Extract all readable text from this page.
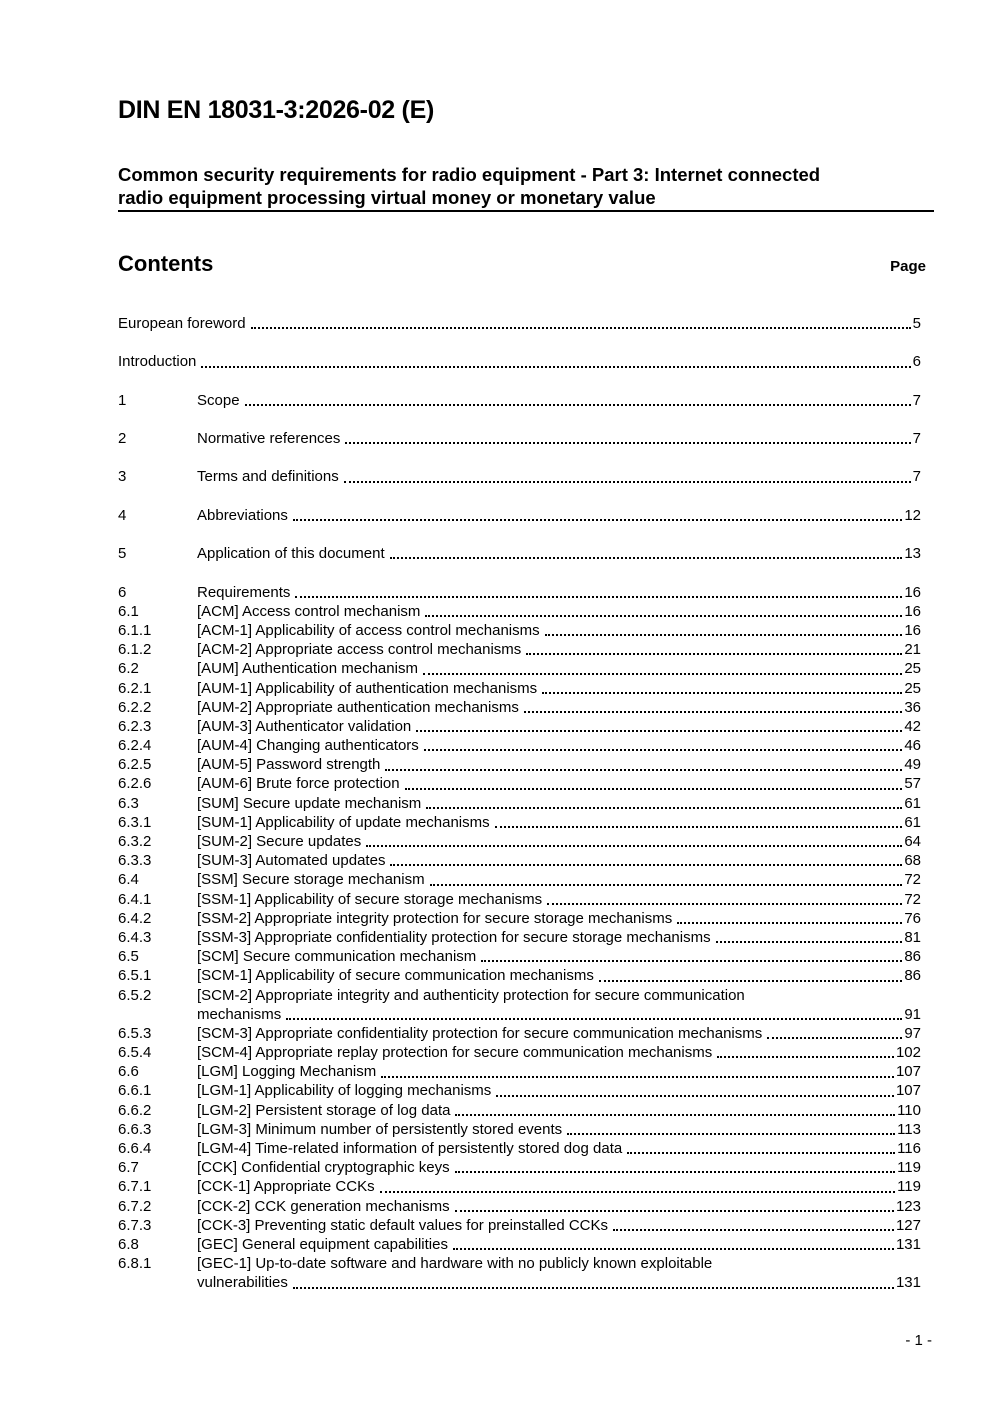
DIN EN 18031-3:2026-02 (E)
Common security requirements for radio equipment - Part 3: Internet connected
radio equipment processing virtual money or monetary value
Contents	Page
European foreword	5
Introduction	6
1	Scope	7
2	Normative references	7
3	Terms and definitions	7
4	Abbreviations	12
5	Application of this document	13
6	Requirements	16
6.1	[ACM] Access control mechanism	16
6.1.1	[ACM-1] Applicability of access control mechanisms	16
6.1.2	[ACM-2] Appropriate access control mechanisms	21
6.2	[AUM] Authentication mechanism	25
6.2.1	[AUM-1] Applicability of authentication mechanisms	25
6.2.2	[AUM-2] Appropriate authentication mechanisms	36
6.2.3	[AUM-3] Authenticator validation	42
6.2.4	[AUM-4] Changing authenticators	46
6.2.5	[AUM-5] Password strength	49
6.2.6	[AUM-6] Brute force protection	57
6.3	[SUM] Secure update mechanism	61
6.3.1	[SUM-1] Applicability of update mechanisms	61
6.3.2	[SUM-2] Secure updates	64
6.3.3	[SUM-3] Automated updates	68
6.4	[SSM] Secure storage mechanism	72
6.4.1	[SSM-1] Applicability of secure storage mechanisms	72
6.4.2	[SSM-2] Appropriate integrity protection for secure storage mechanisms	76
6.4.3	[SSM-3] Appropriate confidentiality protection for secure storage mechanisms	81
6.5	[SCM] Secure communication mechanism	86
6.5.1	[SCM-1] Applicability of secure communication mechanisms	86
6.5.2	[SCM-2] Appropriate integrity and authenticity protection for secure communication
mechanisms	91
6.5.3	[SCM-3] Appropriate confidentiality protection for secure communication mechanisms	97
6.5.4	[SCM-4] Appropriate replay protection for secure communication mechanisms	102
6.6	[LGM] Logging Mechanism	107
6.6.1	[LGM-1] Applicability of logging mechanisms	107
6.6.2	[LGM-2] Persistent storage of log data	110
6.6.3	[LGM-3] Minimum number of persistently stored events	113
6.6.4	[LGM-4] Time-related information of persistently stored dog data	116
6.7	[CCK] Confidential cryptographic keys	119
6.7.1	[CCK-1] Appropriate CCKs	119
6.7.2	[CCK-2] CCK generation mechanisms	123
6.7.3	[CCK-3] Preventing static default values for preinstalled CCKs	127
6.8	[GEC] General equipment capabilities	131
6.8.1	[GEC-1] Up-to-date software and hardware with no publicly known exploitable
vulnerabilities	131
- 1 -
